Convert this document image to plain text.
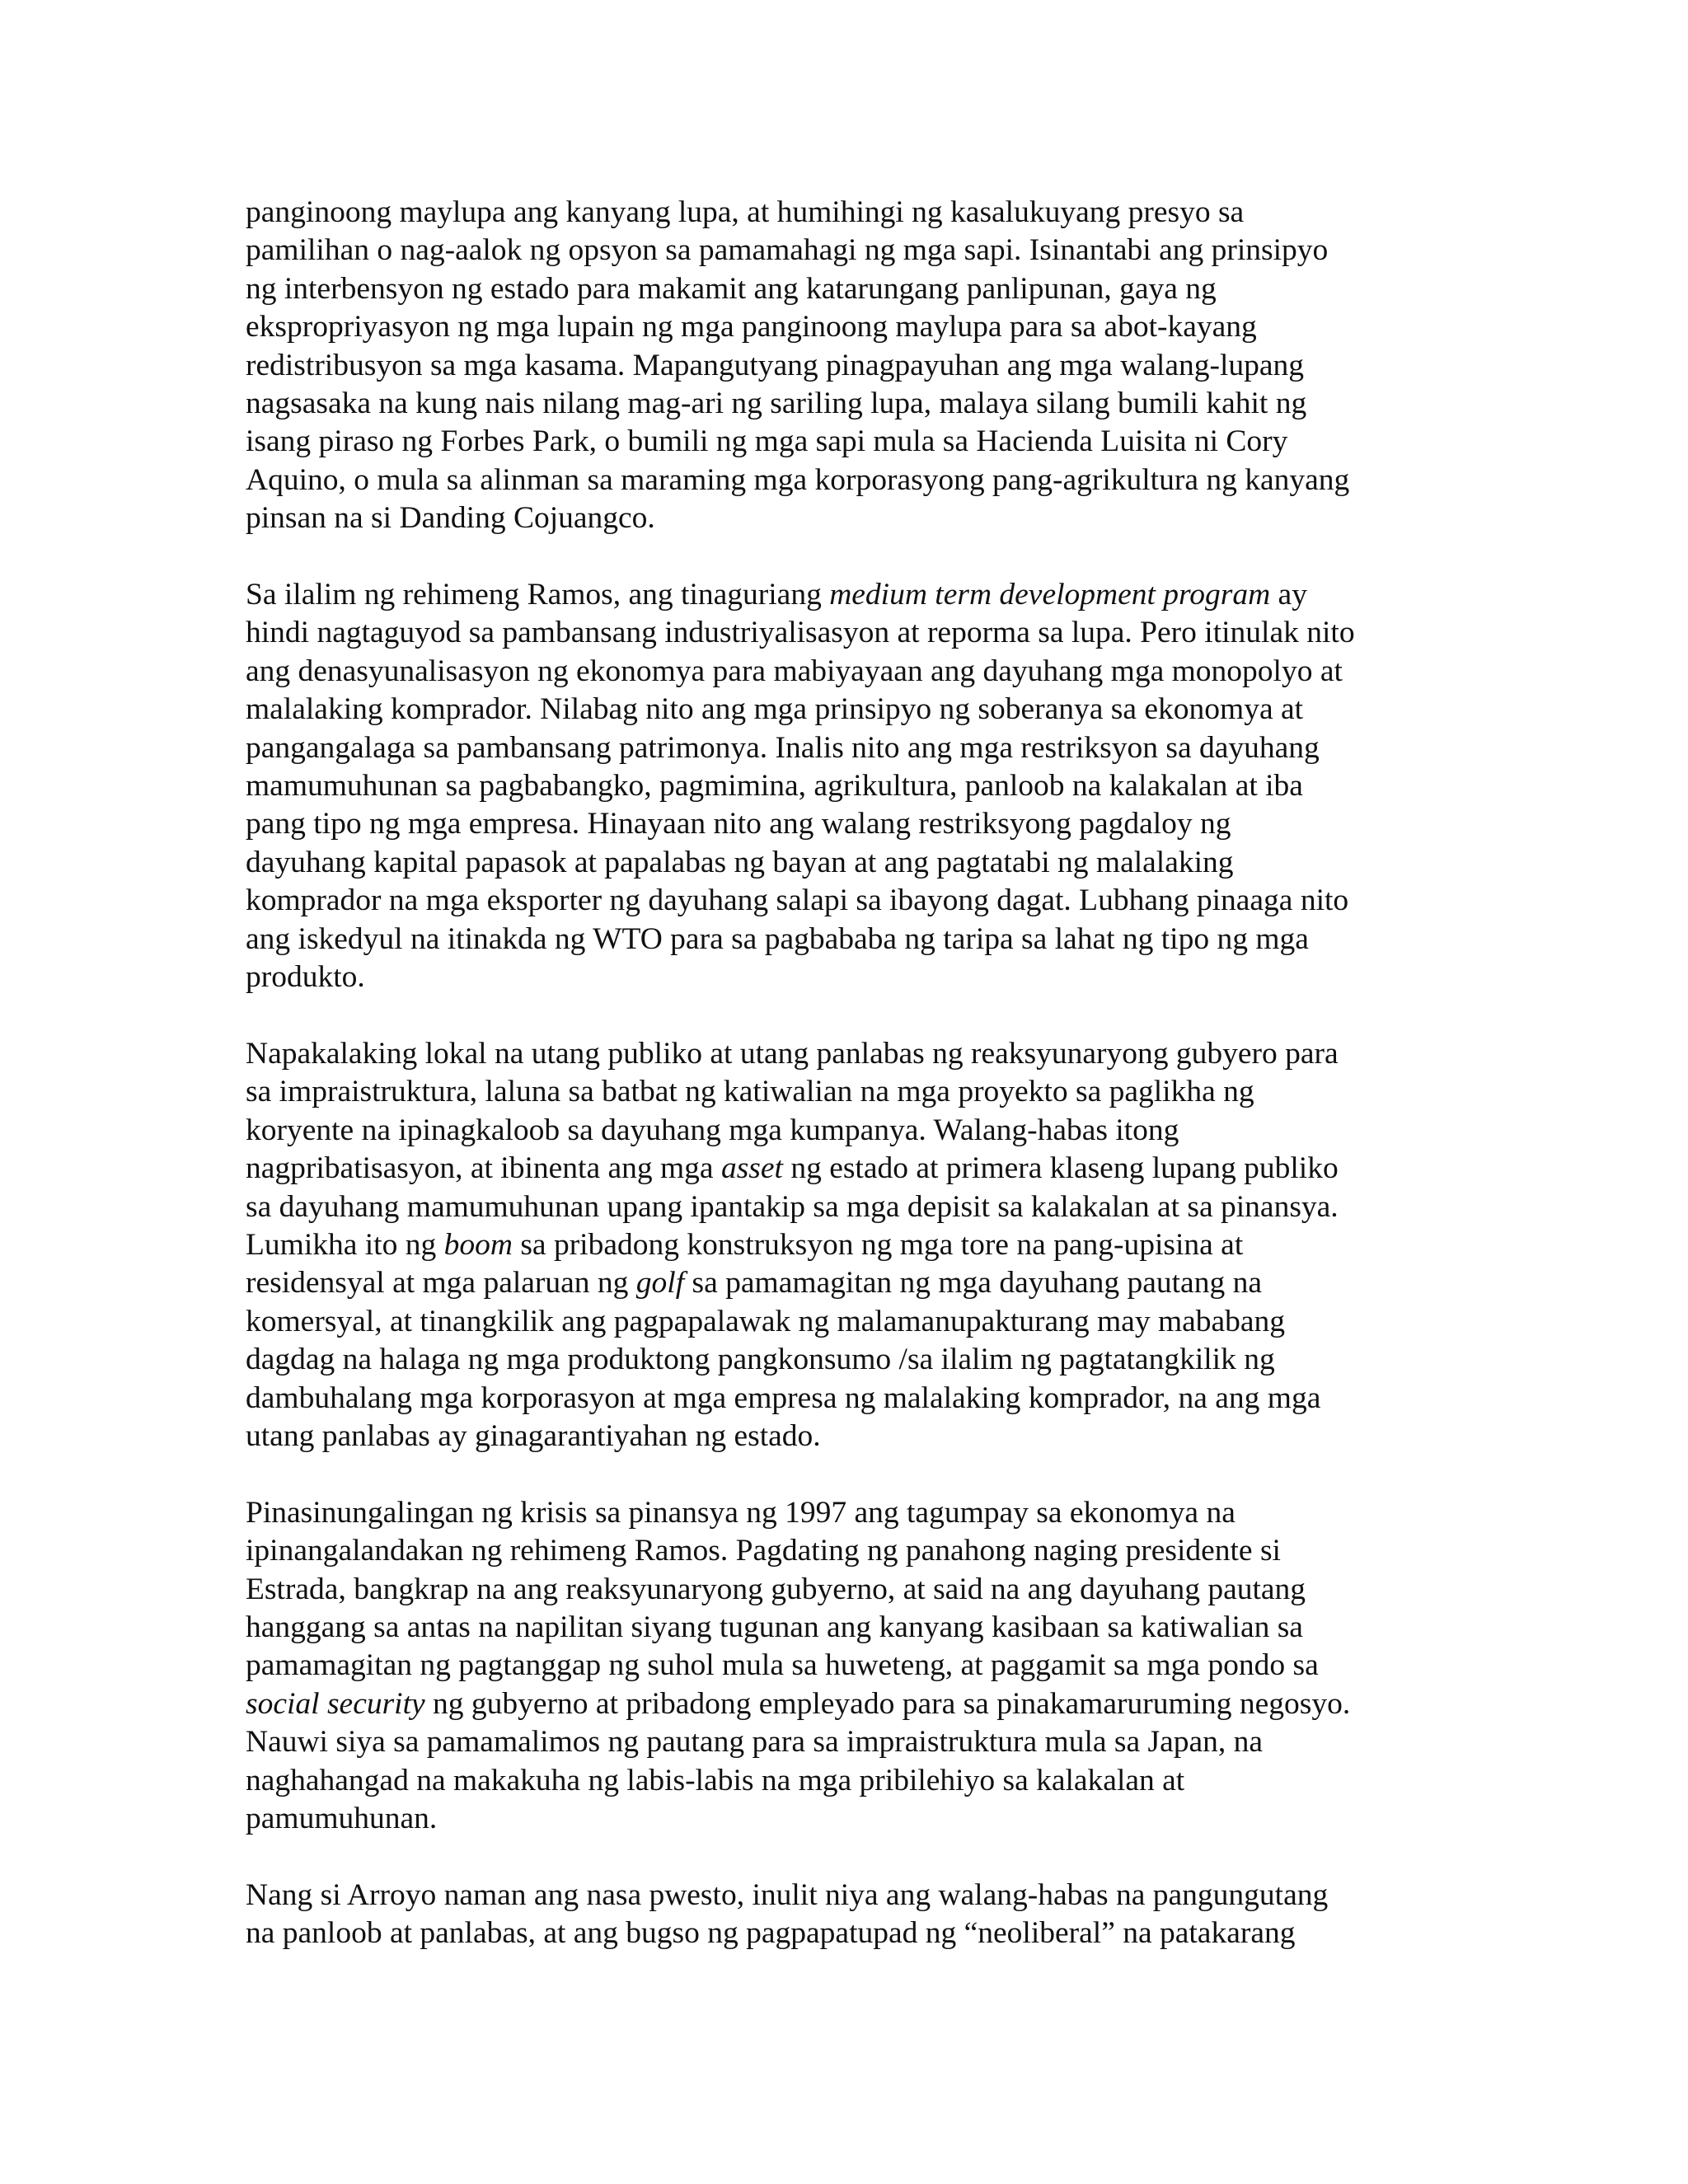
panginoong maylupa ang kanyang lupa, at humihingi ng kasalukuyang presyo sa
pamilihan o nag-aalok ng opsyon sa pamamahagi ng mga sapi. Isinantabi ang prinsipyo
ng interbensyon ng estado para makamit ang katarungang panlipunan, gaya ng
ekspropriyasyon ng mga lupain ng mga panginoong maylupa para sa abot-kayang
redistribusyon sa mga kasama. Mapangutyang pinagpayuhan ang mga walang-lupang
nagsasaka na kung nais nilang mag-ari ng sariling lupa, malaya silang bumili kahit ng
isang piraso ng Forbes Park, o bumili ng mga sapi mula sa Hacienda Luisita ni Cory
Aquino, o mula sa alinman sa maraming mga korporasyong pang-agrikultura ng kanyang
pinsan na si Danding Cojuangco.
Sa ilalim ng rehimeng Ramos, ang tinaguriang medium term development program ay
hindi nagtaguyod sa pambansang industriyalisasyon at reporma sa lupa. Pero itinulak nito
ang denasyunalisasyon ng ekonomya para mabiyayaan ang dayuhang mga monopolyo at
malalaking komprador. Nilabag nito ang mga prinsipyo ng soberanya sa ekonomya at
pangangalaga sa pambansang patrimonya. Inalis nito ang mga restriksyon sa dayuhang
mamumuhunan sa pagbabangko, pagmimina, agrikultura, panloob na kalakalan at iba
pang tipo ng mga empresa. Hinayaan nito ang walang restriksyong pagdaloy ng
dayuhang kapital papasok at papalabas ng bayan at ang pagtatabi ng malalaking
komprador na mga eksporter ng dayuhang salapi sa ibayong dagat. Lubhang pinaaga nito
ang iskedyul na itinakda ng WTO para sa pagbababa ng taripa sa lahat ng tipo ng mga
produkto.
Napakalaking lokal na utang publiko at utang panlabas ng reaksyunaryong gubyero para
sa impraistruktura, laluna sa batbat ng katiwalian na mga proyekto sa paglikha ng
koryente na ipinagkaloob sa dayuhang mga kumpanya. Walang-habas itong
nagpribatisasyon, at ibinenta ang mga asset ng estado at primera klaseng lupang publiko
sa dayuhang mamumuhunan upang ipantakip sa mga depisit sa kalakalan at sa pinansya.
Lumikha ito ng boom sa pribadong konstruksyon ng mga tore na pang-upisina at
residensyal at mga palaruan ng golf sa pamamagitan ng mga dayuhang pautang na
komersyal, at tinangkilik ang pagpapalawak ng malamanupakturang may mababang
dagdag na halaga ng mga produktong pangkonsumo /sa ilalim ng pagtatangkilik ng
dambuhalang mga korporasyon at mga empresa ng malalaking komprador, na ang mga
utang panlabas ay ginagarantiyahan ng estado.
Pinasinungalingan ng krisis sa pinansya ng 1997 ang tagumpay sa ekonomya na
ipinangalandakan ng rehimeng Ramos. Pagdating ng panahong naging presidente si
Estrada, bangkrap na ang reaksyunaryong gubyerno, at said na ang dayuhang pautang
hanggang sa antas na napilitan siyang tugunan ang kanyang kasibaan sa katiwalian sa
pamamagitan ng pagtanggap ng suhol mula sa huweteng, at paggamit sa mga pondo sa
social security ng gubyerno at pribadong empleyado para sa pinakamaruruming negosyo.
Nauwi siya sa pamamalimos ng pautang para sa impraistruktura mula sa Japan, na
naghahangad na makakuha ng labis-labis na mga pribilehiyo sa kalakalan at
pamumuhunan.
Nang si Arroyo naman ang nasa pwesto, inulit niya ang walang-habas na pangungutang
na panloob at panlabas, at ang bugso ng pagpapatupad ng “neoliberal” na patakarang
